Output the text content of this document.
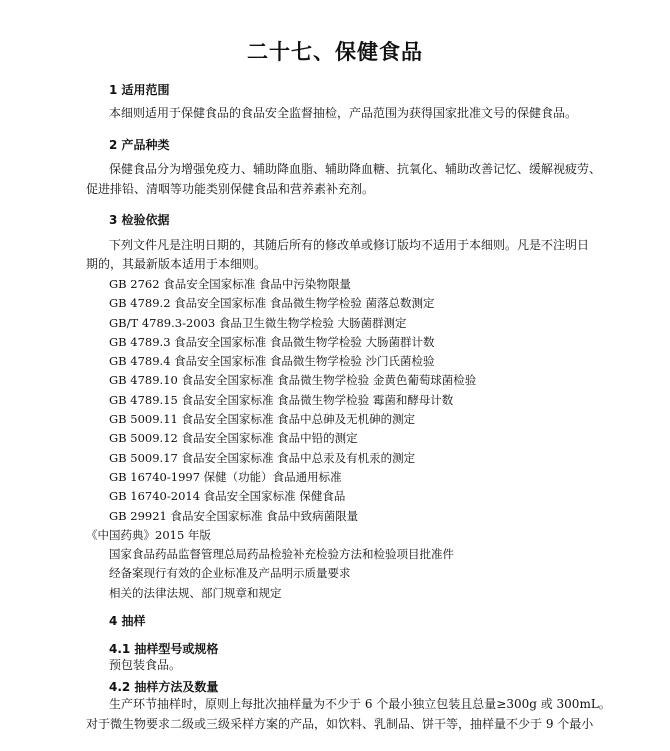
二十七、保健食品
1 适用范围
本细则适用于保健食品的食品安全监督抽检，产品范围为获得国家批准文号的保健食品。
2 产品种类
保健食品分为增强免疫力、辅助降血脂、辅助降血糖、抗氧化、辅助改善记忆、缓解视疲劳、
促进排铅、清咽等功能类别保健食品和营养素补充剂。
3 检验依据
下列文件凡是注明日期的，其随后所有的修改单或修订版均不适用于本细则。凡是不注明日
期的，其最新版本适用于本细则。
GB 2762 食品安全国家标准 食品中污染物限量
GB 4789.2 食品安全国家标准 食品微生物学检验 菌落总数测定
GB/T 4789.3-2003 食品卫生微生物学检验 大肠菌群测定
GB 4789.3 食品安全国家标准 食品微生物学检验 大肠菌群计数
GB 4789.4 食品安全国家标准 食品微生物学检验 沙门氏菌检验
GB 4789.10 食品安全国家标准 食品微生物学检验 金黄色葡萄球菌检验
GB 4789.15 食品安全国家标准 食品微生物学检验 霉菌和酵母计数
GB 5009.11 食品安全国家标准 食品中总砷及无机砷的测定
GB 5009.12 食品安全国家标准 食品中铅的测定
GB 5009.17 食品安全国家标准 食品中总汞及有机汞的测定
GB 16740-1997 保健（功能）食品通用标准
GB 16740-2014 食品安全国家标准 保健食品
GB 29921 食品安全国家标准 食品中致病菌限量
《中国药典》2015 年版
国家食品药品监督管理总局药品检验补充检验方法和检验项目批准件
经备案现行有效的企业标准及产品明示质量要求
相关的法律法规、部门规章和规定
4 抽样
4.1 抽样型号或规格
预包装食品。
4.2 抽样方法及数量
生产环节抽样时，原则上每批次抽样量为不少于 6 个最小独立包装且总量≥300g 或 300mL。
对于微生物要求二级或三级采样方案的产品，如饮料、乳制品、饼干等，抽样量不少于 9 个最小
